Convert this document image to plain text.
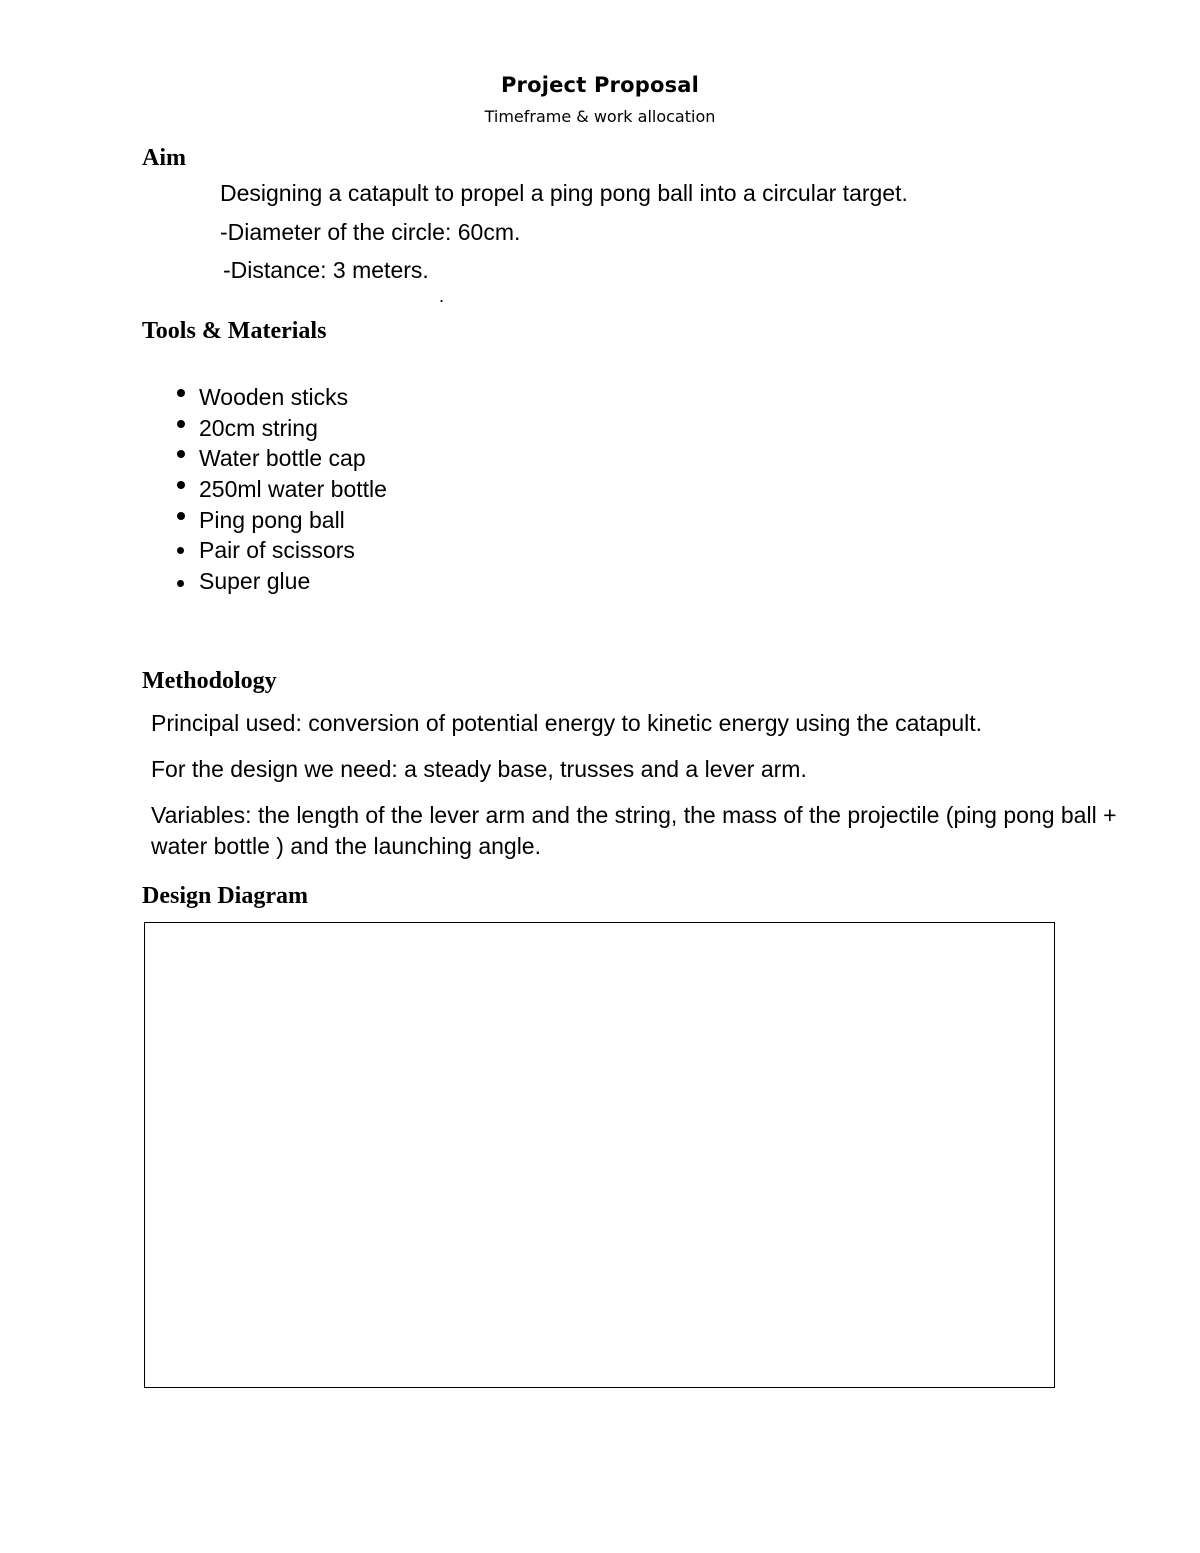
Project Proposal
Timeframe & work allocation
Aim
Designing a catapult to propel a ping pong ball into a circular target.
-Diameter of the circle: 60cm.
-Distance: 3 meters.
.
Tools & Materials
Wooden sticks
20cm string
Water bottle cap
250ml water bottle
Ping pong ball
Pair of scissors
Super glue
Methodology

Principal used: conversion of potential energy to kinetic energy using the catapult.

For the design we need: a steady base, trusses and a lever arm.

Variables: the length of the lever arm and the string, the mass of the projectile (ping pong ball + water bottle ) and the launching angle.

Design Diagram
